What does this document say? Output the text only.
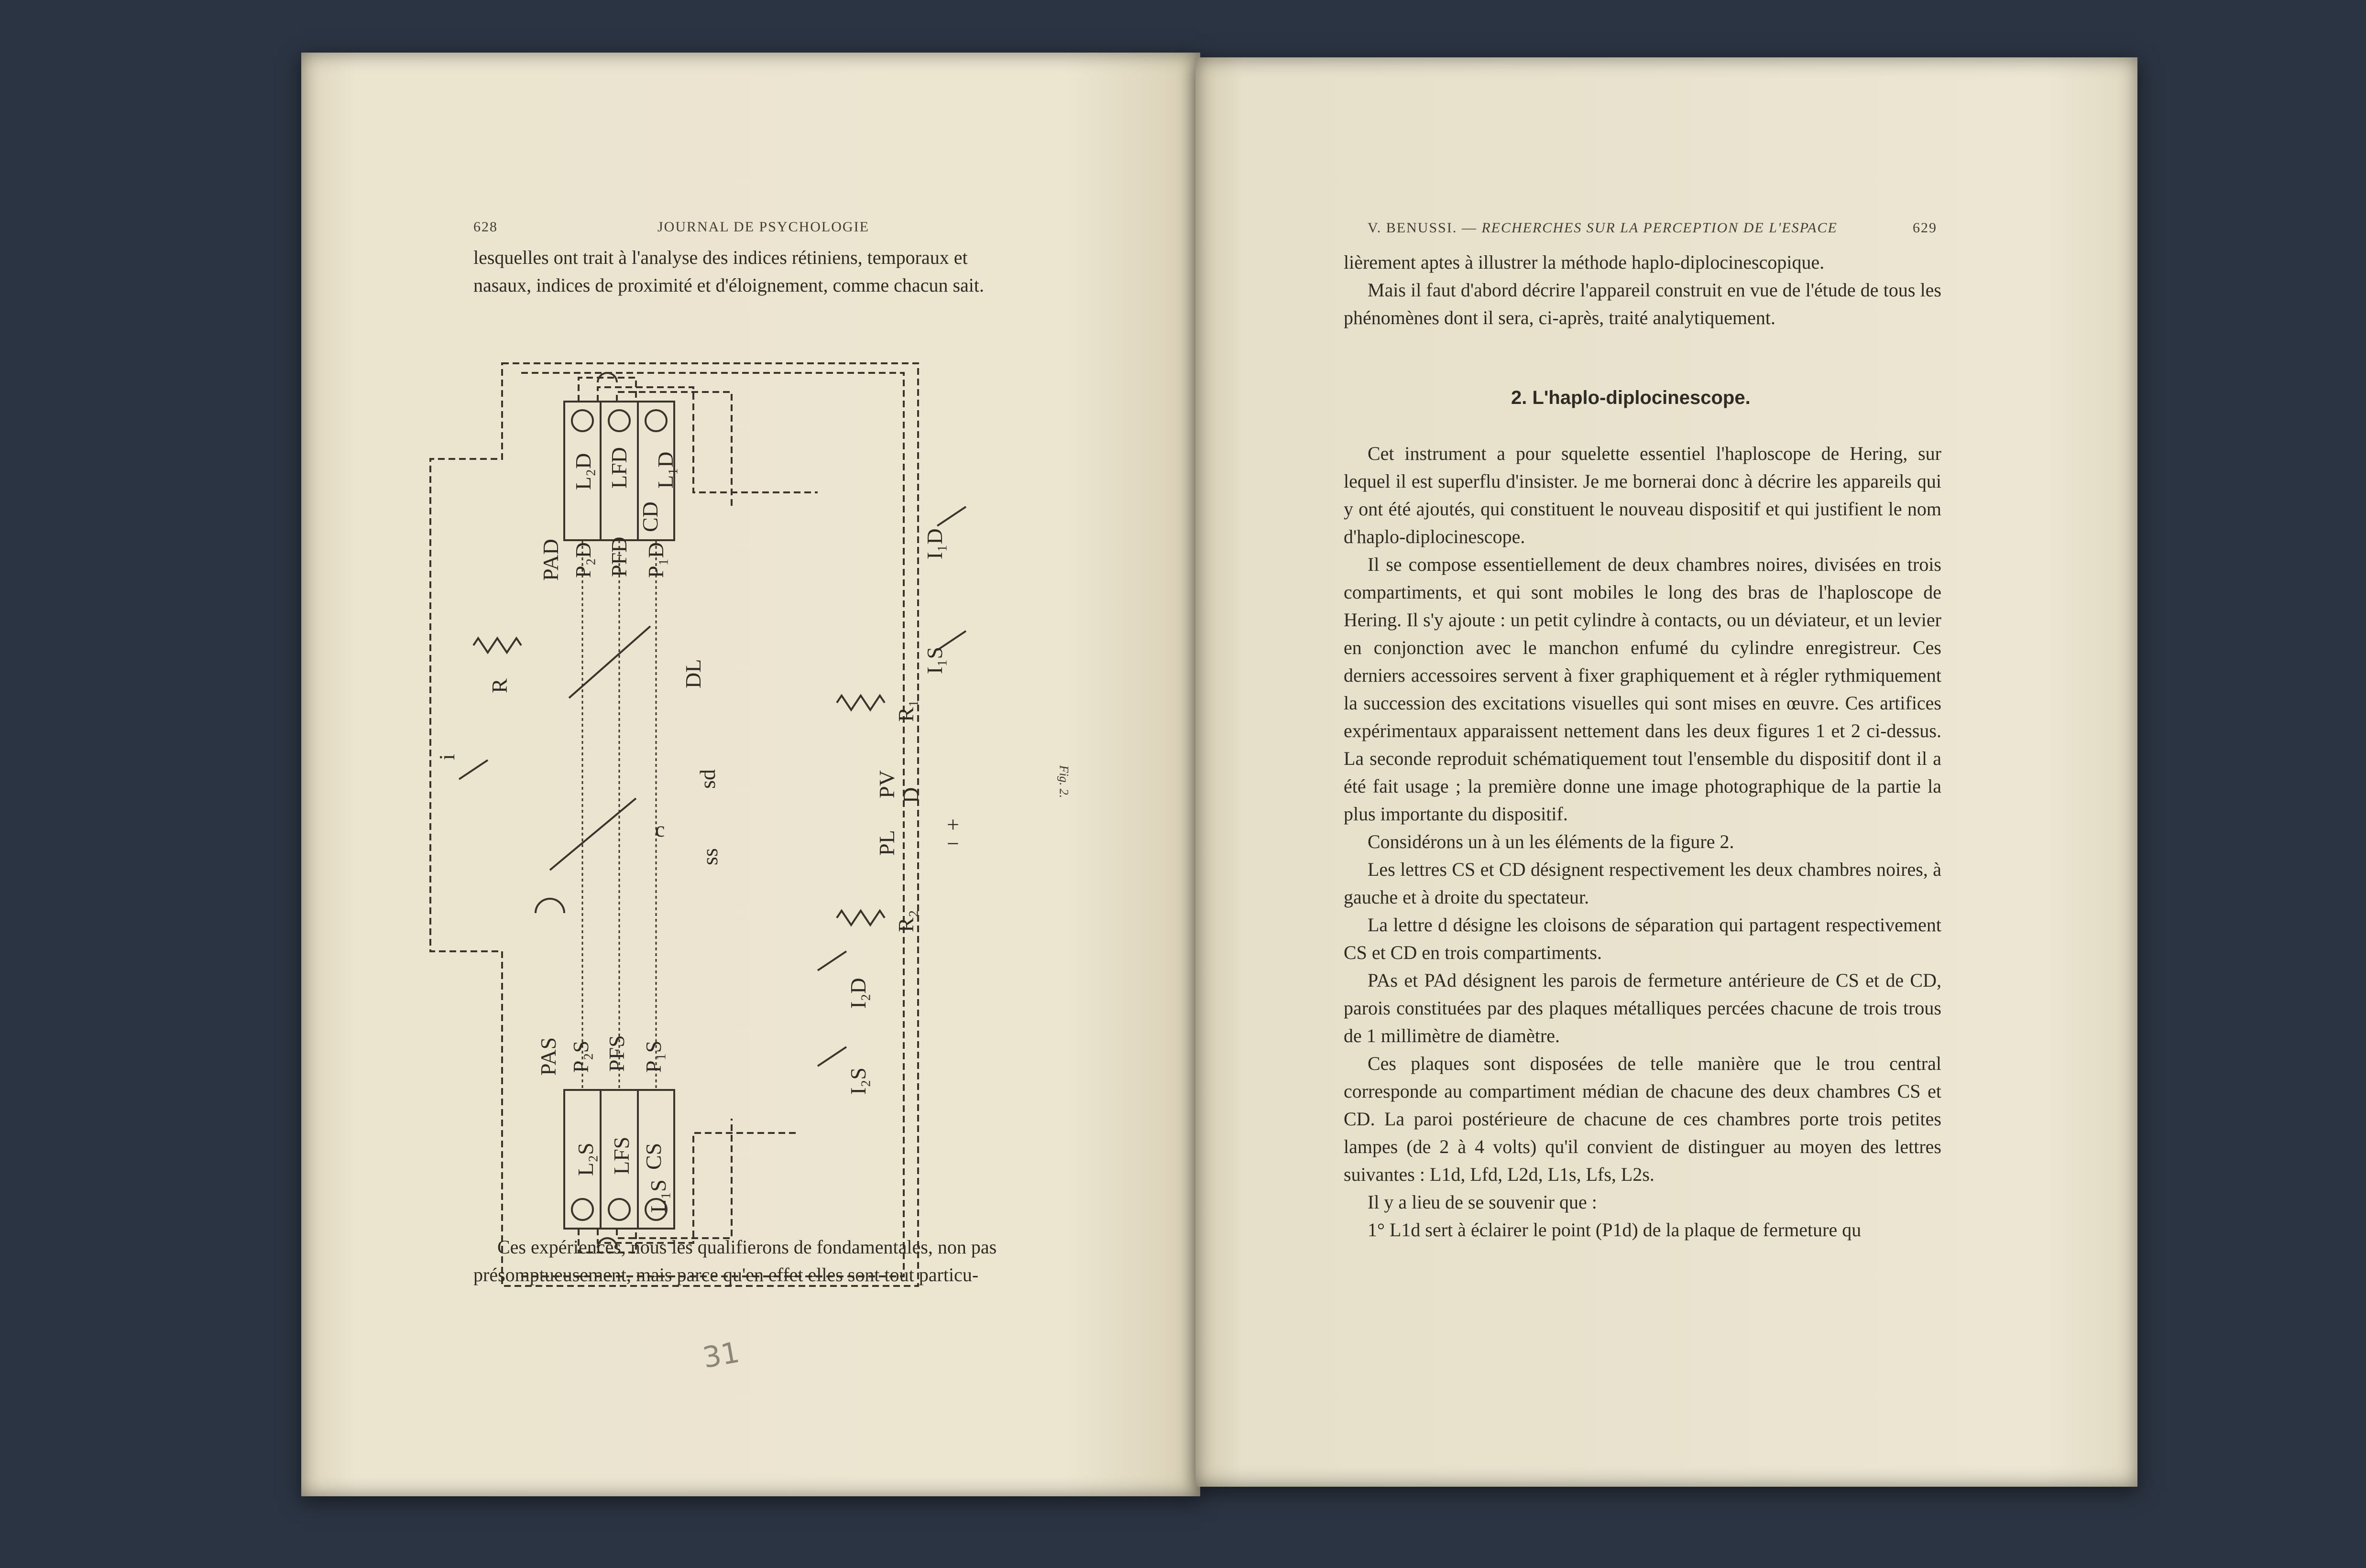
628	JOURNAL DE PSYCHOLOGIE

lesquelles ont trait à l'analyse des indices rétiniens, temporaux et

nasaux, indices de proximité et d'éloignement, comme chacun sait.

CD
L₂D LFD L₁D
PAD P₂D PFD P₁D
CS
L₂S LFS
L₁S
PAS P₂S PFS P₁S
R
R₁
R₂
DL
sd
ss
c
i
PV
PL
D
I₁D
I₁S
I₂D
I₂S
+
−
Fig. 2.
31

Ces expériences, nous les qualifierons de fondamentales, non pas

présomptueusement, mais parce qu'en effet elles sont tout particu-

V. BENUSSI. — RECHERCHES SUR LA PERCEPTION DE L'ESPACE	629

lièrement aptes à illustrer la méthode haplo-diplocinescopique.

Mais il faut d'abord décrire l'appareil construit en vue de l'étude de tous les phénomènes dont il sera, ci-après, traité analytiquement.

2. L'haplo-diplocinescope.

Cet instrument a pour squelette essentiel l'haploscope de Hering, sur lequel il est superflu d'insister. Je me bornerai donc à décrire les appareils qui y ont été ajoutés, qui constituent le nouveau dispositif et qui justifient le nom d'haplo-diplocinescope.

Il se compose essentiellement de deux chambres noires, divisées en trois compartiments, et qui sont mobiles le long des bras de l'haploscope de Hering. Il s'y ajoute : un petit cylindre à contacts, ou un déviateur, et un levier en conjonction avec le manchon enfumé du cylindre enregistreur. Ces derniers accessoires servent à fixer graphiquement et à régler rythmiquement la succession des excitations visuelles qui sont mises en œuvre. Ces artifices expérimentaux apparaissent nettement dans les deux figures 1 et 2 ci-dessus. La seconde reproduit schématiquement tout l'ensemble du dispositif dont il a été fait usage ; la première donne une image photographique de la partie la plus importante du dispositif.

Considérons un à un les éléments de la figure 2.

Les lettres CS et CD désignent respectivement les deux chambres noires, à gauche et à droite du spectateur.

La lettre d désigne les cloisons de séparation qui partagent respectivement CS et CD en trois compartiments.

PAs et PAd désignent les parois de fermeture antérieure de CS et de CD, parois constituées par des plaques métalliques percées chacune de trois trous de 1 millimètre de diamètre.

Ces plaques sont disposées de telle manière que le trou central corresponde au compartiment médian de chacune des deux chambres CS et CD. La paroi postérieure de chacune de ces chambres porte trois petites lampes (de 2 à 4 volts) qu'il convient de distinguer au moyen des lettres suivantes : L1d, Lfd, L2d, L1s, Lfs, L2s.

Il y a lieu de se souvenir que :

1° L1d sert à éclairer le point (P1d) de la plaque de fermeture qu
